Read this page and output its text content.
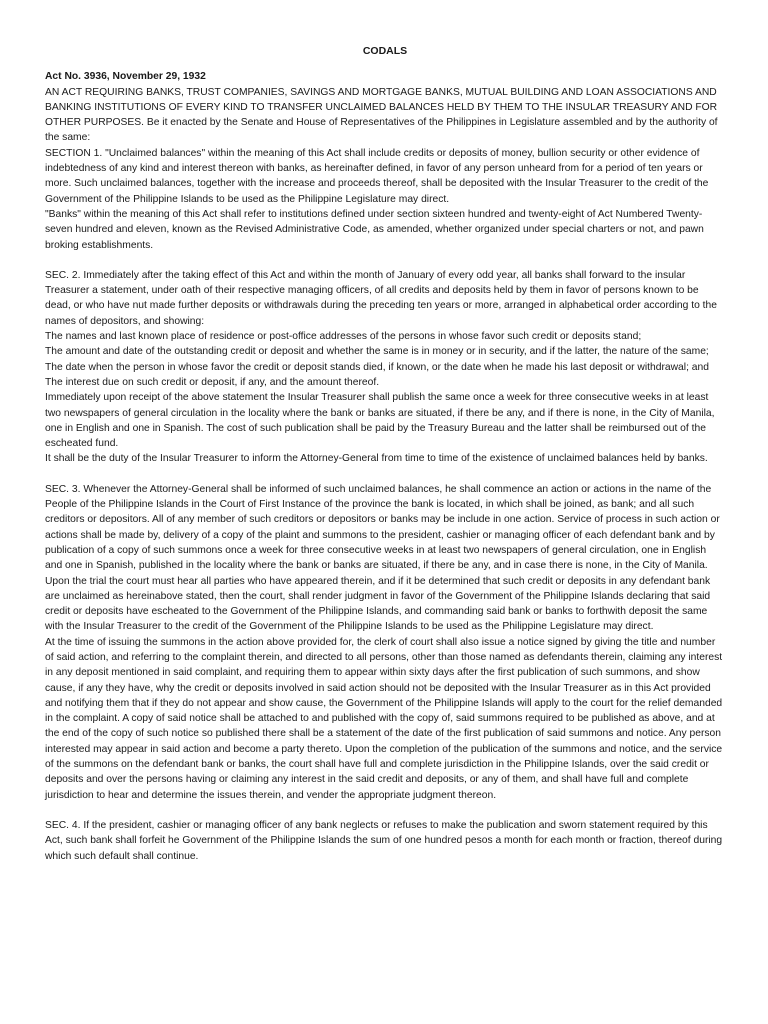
CODALS

Act No. 3936, November 29, 1932

AN ACT REQUIRING BANKS, TRUST COMPANIES, SAVINGS AND MORTGAGE BANKS, MUTUAL BUILDING AND LOAN ASSOCIATIONS AND BANKING INSTITUTIONS OF EVERY KIND TO TRANSFER UNCLAIMED BALANCES HELD BY THEM TO THE INSULAR TREASURY AND FOR OTHER PURPOSES. Be it enacted by the Senate and House of Representatives of the Philippines in Legislature assembled and by the authority of the same:

SECTION 1. "Unclaimed balances" within the meaning of this Act shall include credits or deposits of money, bullion security or other evidence of indebtedness of any kind and interest thereon with banks, as hereinafter defined, in favor of any person unheard from for a period of ten years or more. Such unclaimed balances, together with the increase and proceeds thereof, shall be deposited with the Insular Treasurer to the credit of the Government of the Philippine Islands to be used as the Philippine Legislature may direct.

"Banks" within the meaning of this Act shall refer to institutions defined under section sixteen hundred and twenty-eight of Act Numbered Twenty-seven hundred and eleven, known as the Revised Administrative Code, as amended, whether organized under special charters or not, and pawn broking establishments.

SEC. 2. Immediately after the taking effect of this Act and within the month of January of every odd year, all banks shall forward to the insular Treasurer a statement, under oath of their respective managing officers, of all credits and deposits held by them in favor of persons known to be dead, or who have nut made further deposits or withdrawals during the preceding ten years or more, arranged in alphabetical order according to the names of depositors, and showing:

The names and last known place of residence or post-office addresses of the persons in whose favor such credit or deposits stand;

The amount and date of the outstanding credit or deposit and whether the same is in money or in security, and if the latter, the nature of the same;

The date when the person in whose favor the credit or deposit stands died, if known, or the date when he made his last deposit or withdrawal; and

The interest due on such credit or deposit, if any, and the amount thereof.

Immediately upon receipt of the above statement the Insular Treasurer shall publish the same once a week for three consecutive weeks in at least two newspapers of general circulation in the locality where the bank or banks are situated, if there be any, and if there is none, in the City of Manila, one in English and one in Spanish. The cost of such publication shall be paid by the Treasury Bureau and the latter shall be reimbursed out of the escheated fund.

It shall be the duty of the Insular Treasurer to inform the Attorney-General from time to time of the existence of unclaimed balances held by banks.

SEC. 3. Whenever the Attorney-General shall be informed of such unclaimed balances, he shall commence an action or actions in the name of the People of the Philippine Islands in the Court of First Instance of the province the bank is located, in which shall be joined, as bank; and all such creditors or depositors. All of any member of such creditors or depositors or banks may be include in one action. Service of process in such action or actions shall be made by, delivery of a copy of the plaint and summons to the president, cashier or managing officer of each defendant bank and by publication of a copy of such summons once a week for three consecutive weeks in at least two newspapers of general circulation, one in English and one in Spanish, published in the locality where the bank or banks are situated, if there be any, and in case there is none, in the City of Manila. Upon the trial the court must hear all parties who have appeared therein, and if it be determined that such credit or deposits in any defendant bank are unclaimed as hereinabove stated, then the court, shall render judgment in favor of the Government of the Philippine Islands declaring that said credit or deposits have escheated to the Government of the Philippine Islands, and commanding said bank or banks to forthwith deposit the same with the Insular Treasurer to the credit of the Government of the Philippine Islands to be used as the Philippine Legislature may direct.

At the time of issuing the summons in the action above provided for, the clerk of court shall also issue a notice signed by giving the title and number of said action, and referring to the complaint therein, and directed to all persons, other than those named as defendants therein, claiming any interest in any deposit mentioned in said complaint, and requiring them to appear within sixty days after the first publication of such summons, and show cause, if any they have, why the credit or deposits involved in said action should not be deposited with the Insular Treasurer as in this Act provided and notifying them that if they do not appear and show cause, the Government of the Philippine Islands will apply to the court for the relief demanded in the complaint. A copy of said notice shall be attached to and published with the copy of, said summons required to be published as above, and at the end of the copy of such notice so published there shall be a statement of the date of the first publication of said summons and notice. Any person interested may appear in said action and become a party thereto. Upon the completion of the publication of the summons and notice, and the service of the summons on the defendant bank or banks, the court shall have full and complete jurisdiction in the Philippine Islands, over the said credit or deposits and over the persons having or claiming any interest in the said credit and deposits, or any of them, and shall have full and complete jurisdiction to hear and determine the issues therein, and vender the appropriate judgment thereon.

SEC. 4. If the president, cashier or managing officer of any bank neglects or refuses to make the publication and sworn statement required by this Act, such bank shall forfeit he Government of the Philippine Islands the sum of one hundred pesos a month for each month or fraction, thereof during which such default shall continue.
